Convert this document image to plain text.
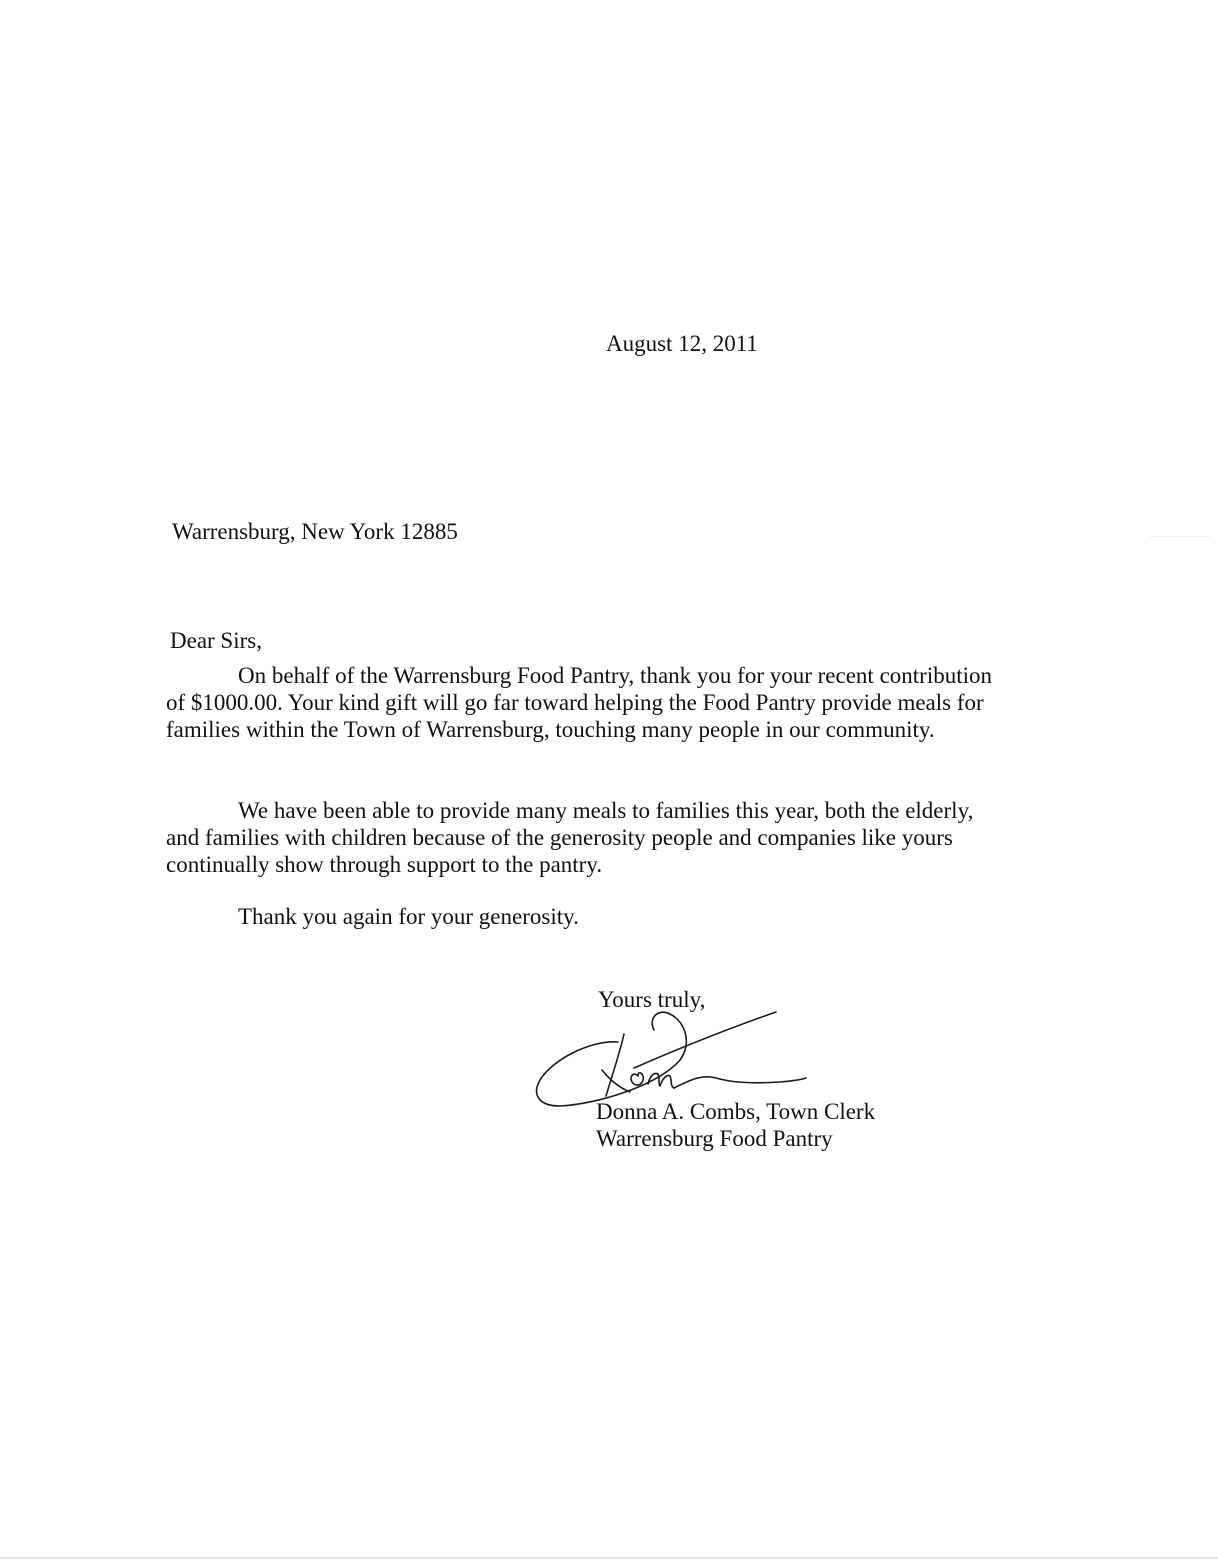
August 12, 2011
Warrensburg, New York 12885
Dear Sirs,

On behalf of the Warrensburg Food Pantry, thank you for your recent contribution
of $1000.00. Your kind gift will go far toward helping the Food Pantry provide meals for
families within the Town of Warrensburg, touching many people in our community.

We have been able to provide many meals to families this year, both the elderly,
and families with children because of the generosity people and companies like yours
continually show through support to the pantry.

Thank you again for your generosity.
Yours truly,
Donna A. Combs, Town Clerk
Warrensburg Food Pantry
